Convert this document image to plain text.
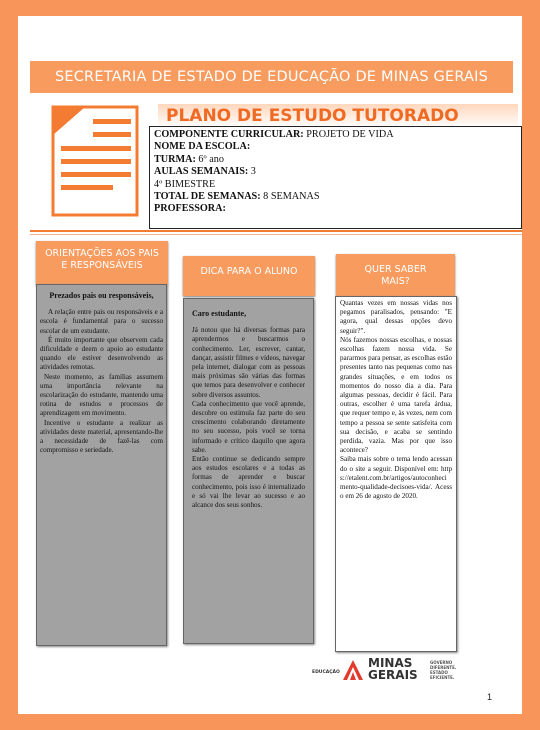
SECRETARIA DE ESTADO DE EDUCAÇÃO DE MINAS GERAIS
PLANO DE ESTUDO TUTORADO
COMPONENTE CURRICULAR: PROJETO DE VIDA
NOME DA ESCOLA:
TURMA: 6º ano
AULAS SEMANAIS: 3
4º BIMESTRE
TOTAL DE SEMANAS: 8 SEMANAS
PROFESSORA:
ORIENTAÇÕES AOS PAIS E RESPONSÁVEIS

Prezados pais ou responsáveis,

A relação entre pais ou responsáveis e a escola é fundamental para o sucesso escolar de um estudante.

É muito importante que observem cada dificuldade e deem o apoio ao estudante quando ele estiver desenvolvendo as atividades remotas.

Neste momento, as famílias assumem uma importância relevante na escolarização do estudante, mantendo uma rotina de estudos e processos de aprendizagem em movimento.

Incentive o estudante a realizar as atividades deste material, apresentando-lhe a necessidade de fazê-las com compromisso e seriedade.

DICA PARA O ALUNO

Caro estudante,

Já notou que há diversas formas para aprendermos e buscarmos o conhecimento. Ler, escrever, cantar, dançar, assistir filmes e vídeos, navegar pela internet, dialogar com as pessoas mais próximas são várias das formas que temos para desenvolver e conhecer sobre diversos assuntos.

Cada conhecimento que você aprende, descobre ou estimula faz parte do seu crescimento colaborando diretamente no seu sucesso, pois você se torna informado e crítico daquilo que agora sabe.

Então continue se dedicando sempre aos estudos escolares e a todas as formas de aprender e buscar conhecimento, pois isso é internalizado e só vai lhe levar ao sucesso e ao alcance dos seus sonhos.

QUER SABER MAIS?

Quantas vezes em nossas vidas nos pegamos paralisados, pensando: "E agora, qual dessas opções devo seguir?".

Nós fazemos nossas escolhas, e nossas escolhas fazem nossa vida. Se pararmos para pensar, as escolhas estão presentes tanto nas pequenas como nas grandes situações, e em todos os momentos do nosso dia a dia. Para algumas pessoas, decidir é fácil. Para outras, escolher é uma tarefa árdua, que requer tempo e, às vezes, nem com tempo a pessoa se sente satisfeita com sua decisão, e acaba se sentindo perdida, vazia. Mas por que isso acontece?

Saiba mais sobre o tema lendo acessando o site a seguir. Disponível em: https://etalent.com.br/artigos/autoconhecimento-qualidade-decisoes-vida/. Acesso em 26 de agosto de 2020.

EDUCAÇÃO
MINAS
GERAIS
GOVERNO
DIFERENTE.
ESTADO
EFICIENTE.
1
